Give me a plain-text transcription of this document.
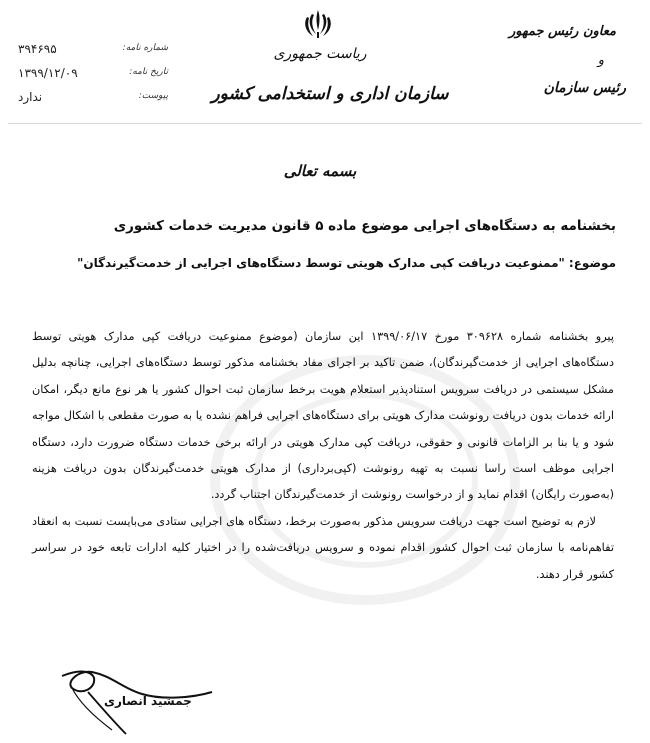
شماره نامه:
۳۹۴۶۹۵
تاریخ نامه:
۱۳۹۹/۱۲/۰۹
پیوست:
ندارد
ریاست جمهوری
سازمان اداری و استخدامی کشور
معاون رئیس جمهور
و
رئیس سازمان
بسمه تعالی
بخشنامه به دستگاه‌های اجرایی موضوع ماده ۵ قانون مدیریت خدمات کشوری
موضوع: "ممنوعیت دریافت کپی مدارک هویتی توسط دستگاه‌های اجرایی از خدمت‌گیرندگان"

پیرو بخشنامه شماره ۳۰۹۶۲۸ مورخ ۱۳۹۹/۰۶/۱۷ این سازمان (موضوع ممنوعیت دریافت کپی مدارک هویتی توسط دستگاه‌های اجرایی از خدمت‌گیرندگان)، ضمن تاکید بر اجرای مفاد بخشنامه مذکور توسط دستگاه‌های اجرایی، چنانچه بدلیل مشکل سیستمی در دریافت سرویس استنادپذیر استعلام هویت برخط سازمان ثبت احوال کشور یا هر نوع مانع دیگر، امکان ارائه خدمات بدون دریافت رونوشت مدارک هویتی برای دستگاه‌های اجرایی فراهم نشده یا به صورت مقطعی با اشکال مواجه شود و یا بنا بر الزامات قانونی و حقوقی، دریافت کپی مدارک هویتی در ارائه برخی خدمات دستگاه ضرورت دارد، دستگاه اجرایی موظف است راسا نسبت به تهیه رونوشت (کپی‌برداری) از مدارک هویتی خدمت‌گیرندگان بدون دریافت هزینه (به‌صورت رایگان) اقدام نماید و از درخواست رونوشت از خدمت‌گیرندگان اجتناب گردد.

لازم به توضیح است جهت دریافت سرویس مذکور به‌صورت برخط، دستگاه های اجرایی ستادی می‌بایست نسبت به انعقاد تفاهم‌نامه با سازمان ثبت احوال کشور اقدام نموده و سرویس دریافت‌شده را در اختیار کلیه ادارات تابعه خود در سراسر کشور قرار دهند.

جمشید انصاری
